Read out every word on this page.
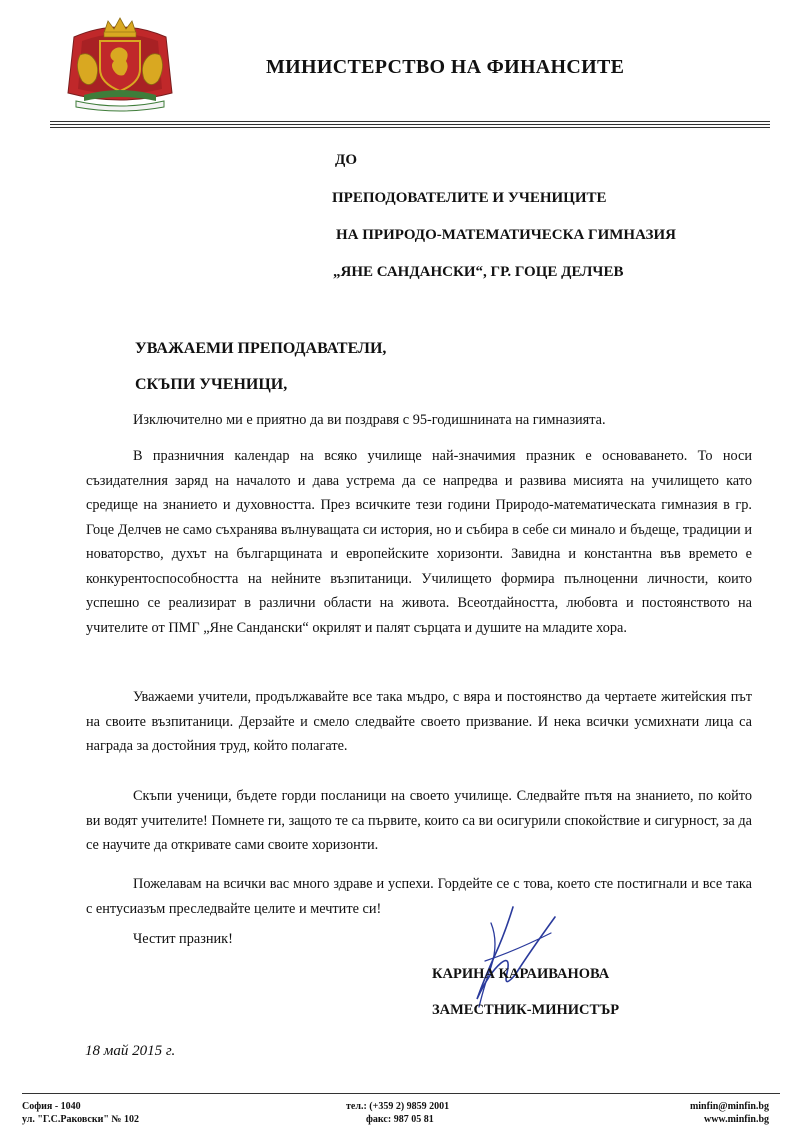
МИНИСТЕРСТВО НА ФИНАНСИТЕ
ДО
ПРЕПОДОВАТЕЛИТЕ И УЧЕНИЦИТЕ
НА ПРИРОДО-МАТЕМАТИЧЕСКА ГИМНАЗИЯ
„ЯНЕ САНДАНСКИ“, ГР. ГОЦЕ ДЕЛЧЕВ
УВАЖАЕМИ ПРЕПОДАВАТЕЛИ,
СКЪПИ УЧЕНИЦИ,

Изключително ми е приятно да ви поздравя с 95-годишнината на гимназията.

В празничния календар на всяко училище най-значимия празник е основаването. То носи съзидателния заряд на началото и дава устрема да се напредва и развива мисията на училището като средище на знанието и духовността. През всичките тези години Природо-математическата гимназия в гр. Гоце Делчев не само съхранява вълнуващата си история, но и събира в себе си минало и бъдеще, традиции и новаторство, духът на българщината и европейските хоризонти. Завидна и константна във времето е конкурентоспособността на нейните възпитаници. Училището формира пълноценни личности, които успешно се реализират в различни области на живота. Всеотдайността, любовта и постоянството на учителите от ПМГ „Яне Сандански“ окрилят и палят сърцата и душите на младите хора.

Уважаеми учители, продължавайте все така мъдро, с вяра и постоянство да чертаете житейския път на своите възпитаници. Дерзайте и смело следвайте своето призвание. И нека всички усмихнати лица са награда за достойния труд, който полагате.

Скъпи ученици, бъдете горди посланици на своето училище. Следвайте пътя на знанието, по който ви водят учителите! Помнете ги, защото те са първите, които са ви осигурили спокойствие и сигурност, за да се научите да откривате сами своите хоризонти.

Пожелавам на всички вас много здраве и успехи. Гордейте се с това, което сте постигнали и все така с ентусиазъм преследвайте целите и мечтите си!

Честит празник!
КАРИНА КАРАИВАНОВА
ЗАМЕСТНИК-МИНИСТЪР
18 май 2015 г.
София - 1040
ул. "Г.С.Раковски" № 102
тел.: (+359 2) 9859 2001
факс: 987 05 81
minfin@minfin.bg
www.minfin.bg
